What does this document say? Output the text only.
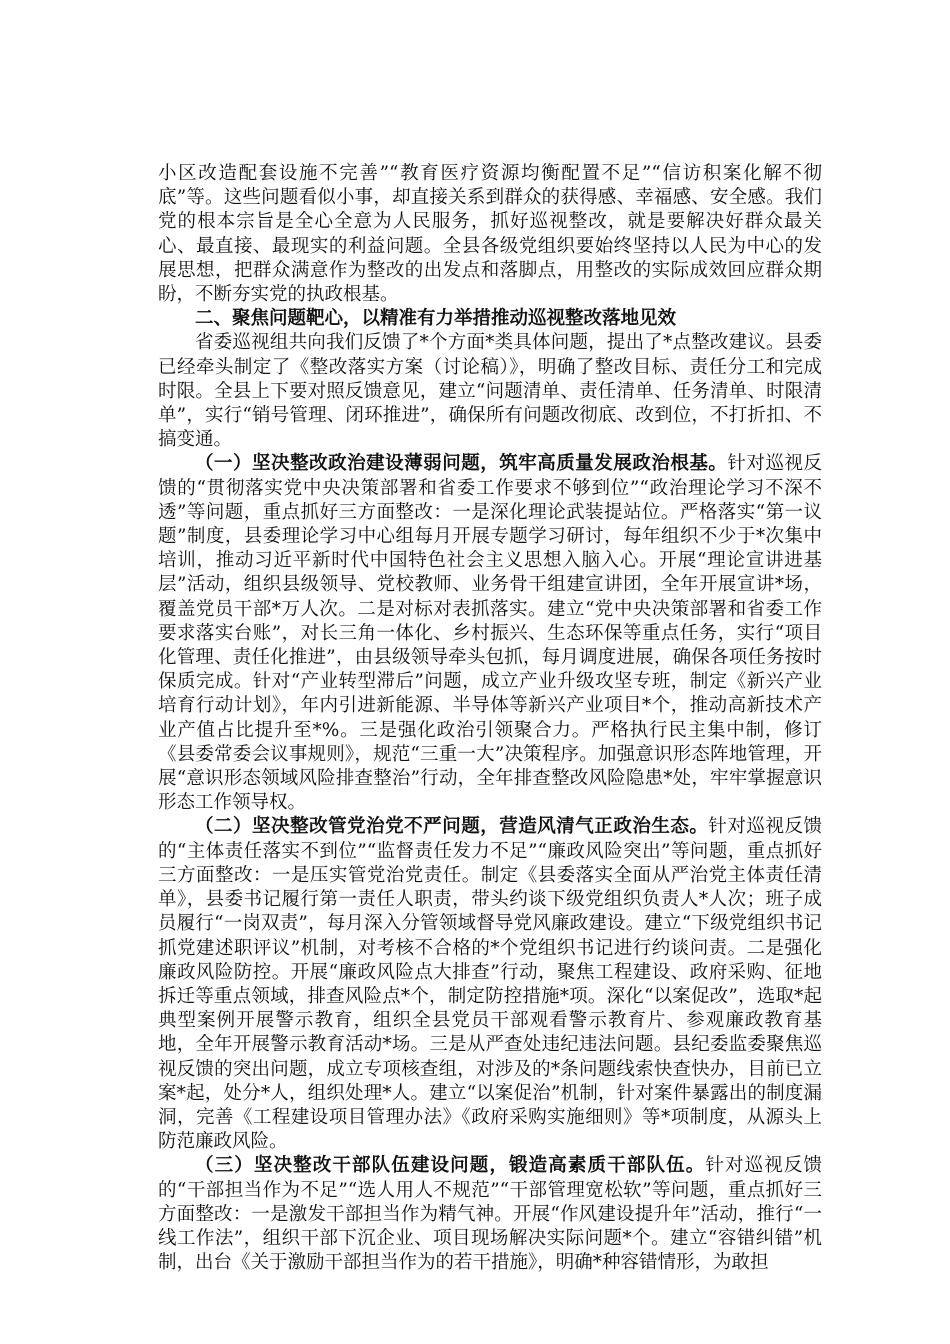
小区改造配套设施不完善”“教育医疗资源均衡配置不足”“信访积案化解不彻底”等。这些问题看似小事，却直接关系到群众的获得感、幸福感、安全感。我们党的根本宗旨是全心全意为人民服务，抓好巡视整改，就是要解决好群众最关心、最直接、最现实的利益问题。全县各级党组织要始终坚持以人民为中心的发展思想，把群众满意作为整改的出发点和落脚点，用整改的实际成效回应群众期盼，不断夯实党的执政根基。

二、聚焦问题靶心，以精准有力举措推动巡视整改落地见效

省委巡视组共向我们反馈了*个方面*类具体问题，提出了*点整改建议。县委已经牵头制定了《整改落实方案（讨论稿）》，明确了整改目标、责任分工和完成时限。全县上下要对照反馈意见，建立“问题清单、责任清单、任务清单、时限清单”，实行“销号管理、闭环推进”，确保所有问题改彻底、改到位，不打折扣、不搞变通。

（一）坚决整改政治建设薄弱问题，筑牢高质量发展政治根基。针对巡视反馈的“贯彻落实党中央决策部署和省委工作要求不够到位”“政治理论学习不深不透”等问题，重点抓好三方面整改：一是深化理论武装提站位。严格落实“第一议题”制度，县委理论学习中心组每月开展专题学习研讨，每年组织不少于*次集中培训，推动习近平新时代中国特色社会主义思想入脑入心。开展“理论宣讲进基层”活动，组织县级领导、党校教师、业务骨干组建宣讲团，全年开展宣讲*场，覆盖党员干部*万人次。二是对标对表抓落实。建立“党中央决策部署和省委工作要求落实台账”，对长三角一体化、乡村振兴、生态环保等重点任务，实行“项目化管理、责任化推进”，由县级领导牵头包抓，每月调度进展，确保各项任务按时保质完成。针对“产业转型滞后”问题，成立产业升级攻坚专班，制定《新兴产业培育行动计划》，年内引进新能源、半导体等新兴产业项目*个，推动高新技术产业产值占比提升至*%。三是强化政治引领聚合力。严格执行民主集中制，修订《县委常委会议事规则》，规范“三重一大”决策程序。加强意识形态阵地管理，开展“意识形态领域风险排查整治”行动，全年排查整改风险隐患*处，牢牢掌握意识形态工作领导权。

（二）坚决整改管党治党不严问题，营造风清气正政治生态。针对巡视反馈的“主体责任落实不到位”“监督责任发力不足”“廉政风险突出”等问题，重点抓好三方面整改：一是压实管党治党责任。制定《县委落实全面从严治党主体责任清单》，县委书记履行第一责任人职责，带头约谈下级党组织负责人*人次；班子成员履行“一岗双责”，每月深入分管领域督导党风廉政建设。建立“下级党组织书记抓党建述职评议”机制，对考核不合格的*个党组织书记进行约谈问责。二是强化廉政风险防控。开展“廉政风险点大排查”行动，聚焦工程建设、政府采购、征地拆迁等重点领域，排查风险点*个，制定防控措施*项。深化“以案促改”，选取*起典型案例开展警示教育，组织全县党员干部观看警示教育片、参观廉政教育基地，全年开展警示教育活动*场。三是从严查处违纪违法问题。县纪委监委聚焦巡视反馈的突出问题，成立专项核查组，对涉及的*条问题线索快查快办，目前已立案*起，处分*人，组织处理*人。建立“以案促治”机制，针对案件暴露出的制度漏洞，完善《工程建设项目管理办法》《政府采购实施细则》等*项制度，从源头上防范廉政风险。

（三）坚决整改干部队伍建设问题，锻造高素质干部队伍。针对巡视反馈的“干部担当作为不足”“选人用人不规范”“干部管理宽松软”等问题，重点抓好三方面整改：一是激发干部担当作为精气神。开展“作风建设提升年”活动，推行“一线工作法”，组织干部下沉企业、项目现场解决实际问题*个。建立“容错纠错”机制，出台《关于激励干部担当作为的若干措施》，明确*种容错情形，为敢担
